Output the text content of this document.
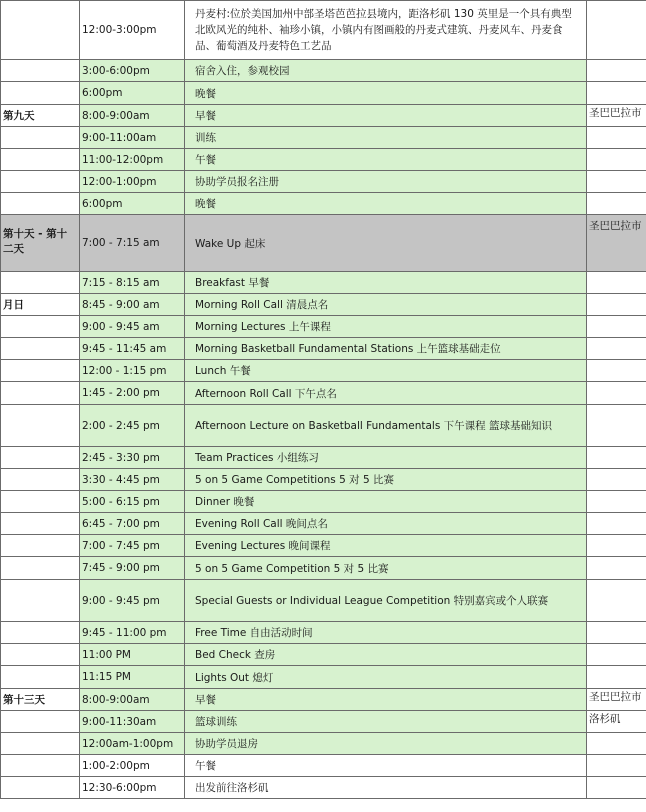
	12:00-3:00pm	丹麦村:位於美国加州中部圣塔芭芭拉县境内，距洛杉矶 130 英里是一个具有典型北欧风光的纯朴、袖珍小镇，小镇内有图画般的丹麦式建筑、丹麦风车、丹麦食品、葡萄酒及丹麦特色工艺品	
	3:00-6:00pm	宿舍入住，参观校园	
	6:00pm	晚餐	
第九天	8:00-9:00am	早餐	圣巴巴拉市
	9:00-11:00am	训练	
	11:00-12:00pm	午餐	
	12:00-1:00pm	协助学员报名注册	
	6:00pm	晚餐	
第十天 - 第十二天	7:00 - 7:15 am	Wake Up 起床	圣巴巴拉市
	7:15 - 8:15 am	Breakfast 早餐	
月日	8:45 - 9:00 am	Morning Roll Call 清晨点名	
	9:00 - 9:45 am	Morning Lectures 上午课程	
	9:45 - 11:45 am	Morning Basketball Fundamental Stations 上午篮球基础走位	
	12:00 - 1:15 pm	Lunch 午餐	
	1:45 - 2:00 pm	Afternoon Roll Call 下午点名	
	2:00 - 2:45 pm	Afternoon Lecture on Basketball Fundamentals 下午课程 篮球基础知识	
	2:45 - 3:30 pm	Team Practices 小组练习	
	3:30 - 4:45 pm	5 on 5 Game Competitions 5 对 5 比赛	
	5:00 - 6:15 pm	Dinner 晚餐	
	6:45 - 7:00 pm	Evening Roll Call 晚间点名	
	7:00 - 7:45 pm	Evening Lectures 晚间课程	
	7:45 - 9:00 pm	5 on 5 Game Competition 5 对 5 比赛	
	9:00 - 9:45 pm	Special Guests or Individual League Competition 特别嘉宾或个人联赛	
	9:45 - 11:00 pm	Free Time 自由活动时间	
	11:00 PM	Bed Check 查房	
	11:15 PM	Lights Out 熄灯	
第十三天	8:00-9:00am	早餐	圣巴巴拉市
	9:00-11:30am	篮球训练	洛杉矶
	12:00am-1:00pm	协助学员退房	
	1:00-2:00pm	午餐	
	12:30-6:00pm	出发前往洛杉矶	
